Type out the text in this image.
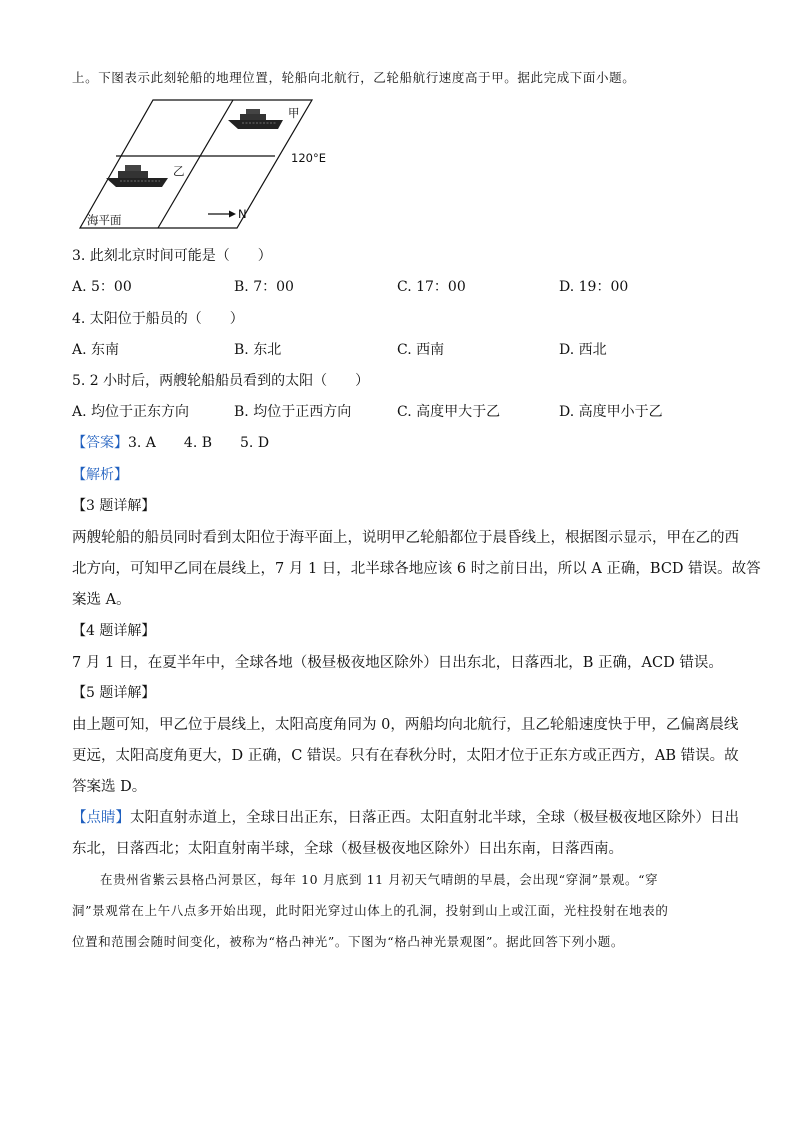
上。下图表示此刻轮船的地理位置，轮船向北航行，乙轮船航行速度高于甲。据此完成下面小题。
甲
乙
120°E
海平面	N
3. 此刻北京时间可能是（　　）
A. 5：00	B. 7：00	C. 17：00	D. 19：00
4. 太阳位于船员的（　　）
A. 东南	B. 东北	C. 西南	D. 西北
5. 2 小时后，两艘轮船船员看到的太阳（　　）
A. 均位于正东方向	B. 均位于正西方向	C. 高度甲大于乙	D. 高度甲小于乙
【答案】3. A　　4. B　　5. D
【解析】
【3 题详解】
两艘轮船的船员同时看到太阳位于海平面上，说明甲乙轮船都位于晨昏线上，根据图示显示，甲在乙的西
北方向，可知甲乙同在晨线上，7 月 1 日，北半球各地应该 6 时之前日出，所以 A 正确，BCD 错误。故答
案选 A。
【4 题详解】
7 月 1 日，在夏半年中，全球各地（极昼极夜地区除外）日出东北，日落西北，B 正确，ACD 错误。
【5 题详解】
由上题可知，甲乙位于晨线上，太阳高度角同为 0，两船均向北航行，且乙轮船速度快于甲，乙偏离晨线
更远，太阳高度角更大，D 正确，C 错误。只有在春秋分时，太阳才位于正东方或正西方，AB 错误。故
答案选 D。
【点睛】太阳直射赤道上，全球日出正东，日落正西。太阳直射北半球，全球（极昼极夜地区除外）日出
东北，日落西北；太阳直射南半球，全球（极昼极夜地区除外）日出东南，日落西南。
在贵州省紫云县格凸河景区，每年 10 月底到 11 月初天气晴朗的早晨，会出现“穿洞”景观。“穿
洞”景观常在上午八点多开始出现，此时阳光穿过山体上的孔洞，投射到山上或江面，光柱投射在地表的
位置和范围会随时间变化，被称为“格凸神光”。下图为“格凸神光景观图”。据此回答下列小题。
